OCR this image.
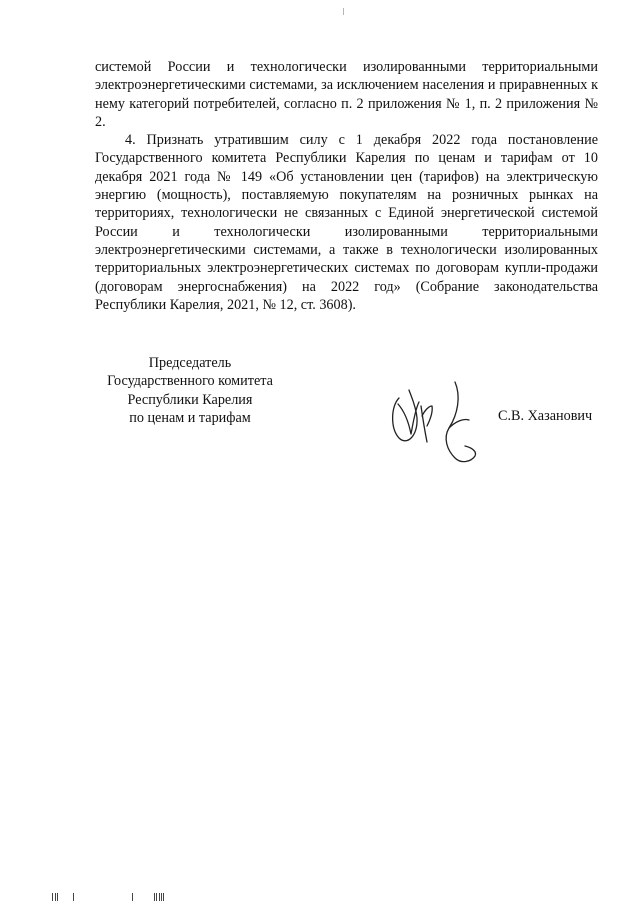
системой России и технологически изолированными территориальными электроэнергетическими системами, за исключением населения и приравненных к нему категорий потребителей, согласно п. 2 приложения № 1, п. 2 приложения № 2.

4. Признать утратившим силу с 1 декабря 2022 года постановление Государственного комитета Республики Карелия по ценам и тарифам от 10 декабря 2021 года № 149 «Об установлении цен (тарифов) на электрическую энергию (мощность), поставляемую покупателям на розничных рынках на территориях, технологически не связанных с Единой энергетической системой России и технологически изолированными территориальными электроэнергетическими системами, а также в технологически изолированных территориальных электроэнергетических системах по договорам купли-продажи (договорам энергоснабжения) на 2022 год» (Собрание законодательства Республики Карелия, 2021, № 12, ст. 3608).

Председатель
Государственного комитета
Республики Карелия
по ценам и тарифам	С.В. Хазанович
